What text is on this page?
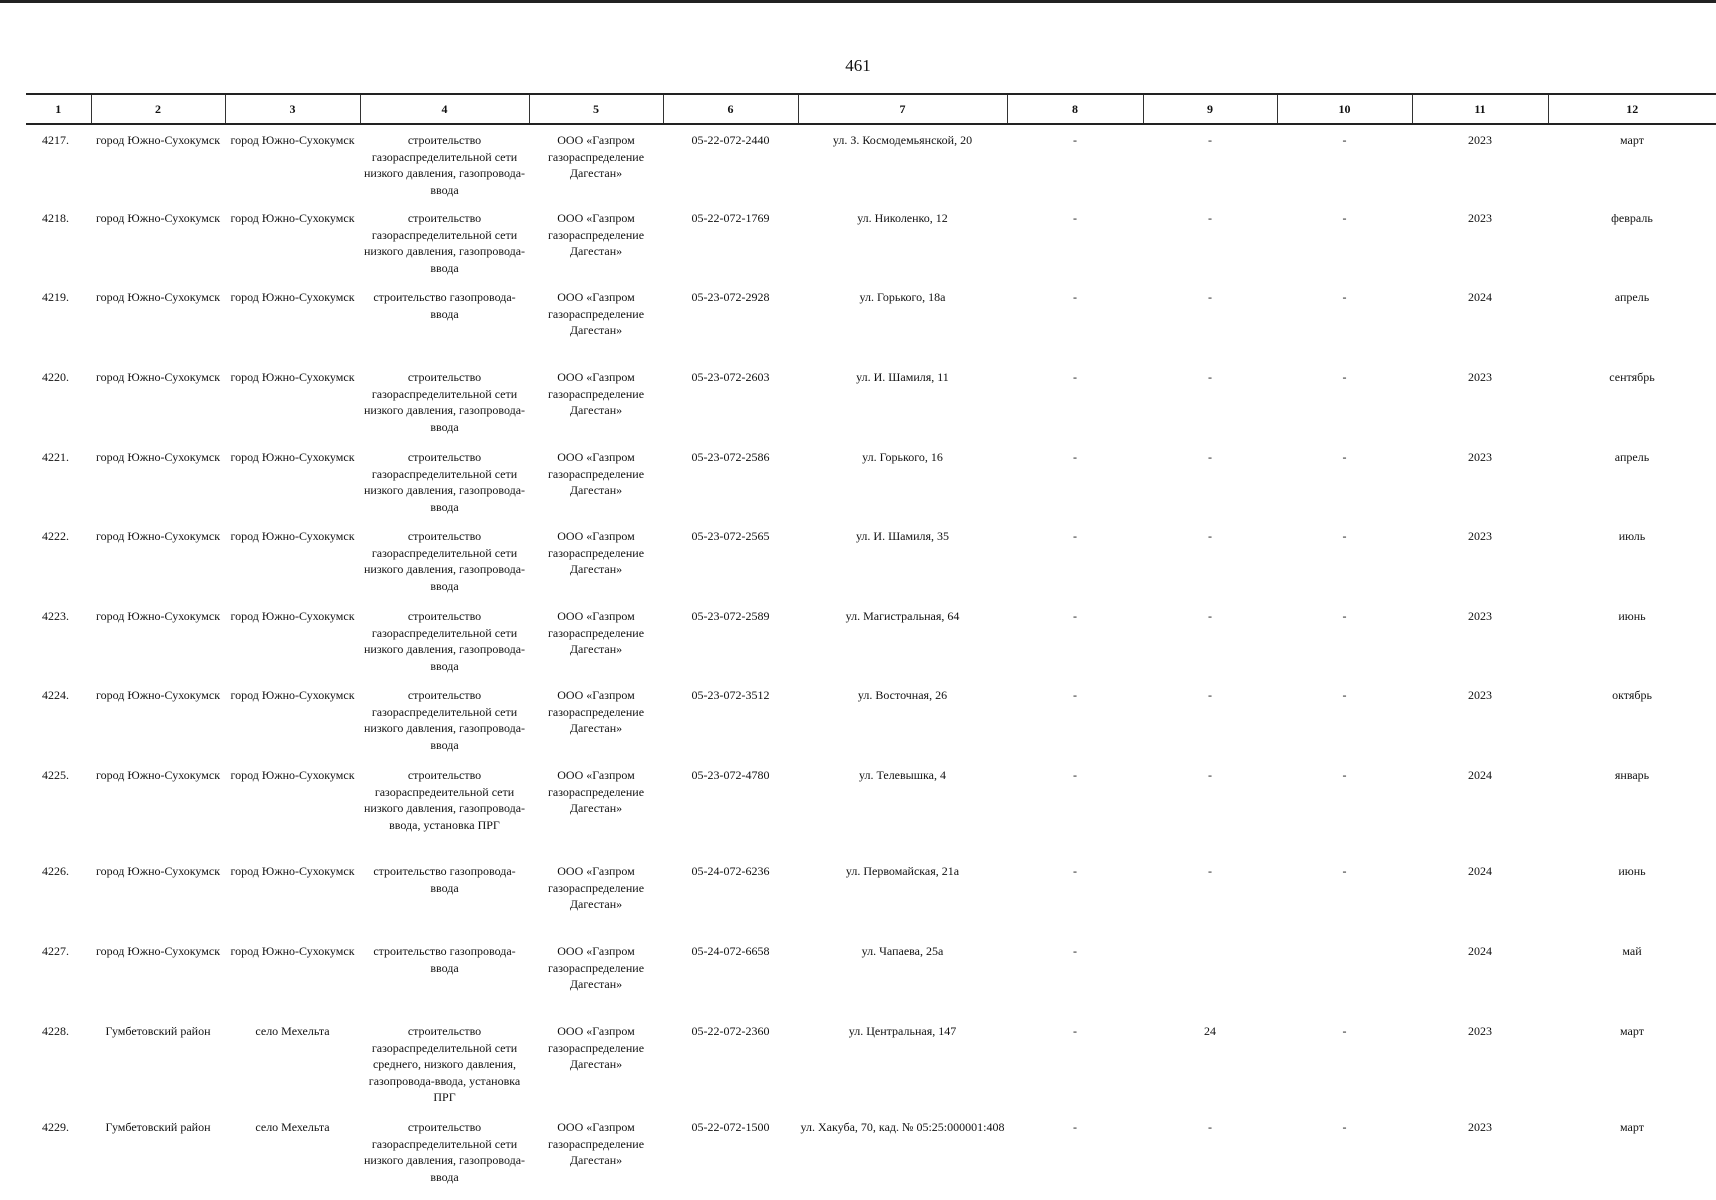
461
1	2	3	4	5	6	7	8	9	10	11	12
4217.	город Южно-Сухокумск	город Южно-Сухокумск	строительство газораспределительной сети низкого давления, газопровода-ввода	ООО «Газпром газораспределение Дагестан»	05-22-072-2440	ул. З. Космодемьянской, 20	-	-	-	2023	март
4218.	город Южно-Сухокумск	город Южно-Сухокумск	строительство газораспределительной сети низкого давления, газопровода-ввода	ООО «Газпром газораспределение Дагестан»	05-22-072-1769	ул. Николенко, 12	-	-	-	2023	февраль
4219.	город Южно-Сухокумск	город Южно-Сухокумск	строительство газопровода-ввода	ООО «Газпром газораспределение Дагестан»	05-23-072-2928	ул. Горького, 18а	-	-	-	2024	апрель
4220.	город Южно-Сухокумск	город Южно-Сухокумск	строительство газораспределительной сети низкого давления, газопровода-ввода	ООО «Газпром газораспределение Дагестан»	05-23-072-2603	ул. И. Шамиля, 11	-	-	-	2023	сентябрь
4221.	город Южно-Сухокумск	город Южно-Сухокумск	строительство газораспределительной сети низкого давления, газопровода-ввода	ООО «Газпром газораспределение Дагестан»	05-23-072-2586	ул. Горького, 16	-	-	-	2023	апрель
4222.	город Южно-Сухокумск	город Южно-Сухокумск	строительство газораспределительной сети низкого давления, газопровода-ввода	ООО «Газпром газораспределение Дагестан»	05-23-072-2565	ул. И. Шамиля, 35	-	-	-	2023	июль
4223.	город Южно-Сухокумск	город Южно-Сухокумск	строительство газораспределительной сети низкого давления, газопровода-ввода	ООО «Газпром газораспределение Дагестан»	05-23-072-2589	ул. Магистральная, 64	-	-	-	2023	июнь
4224.	город Южно-Сухокумск	город Южно-Сухокумск	строительство газораспределительной сети низкого давления, газопровода-ввода	ООО «Газпром газораспределение Дагестан»	05-23-072-3512	ул. Восточная, 26	-	-	-	2023	октябрь
4225.	город Южно-Сухокумск	город Южно-Сухокумск	строительство газораспредеительной сети низкого давления, газопровода-ввода, установка ПРГ	ООО «Газпром газораспределение Дагестан»	05-23-072-4780	ул. Телевышка, 4	-	-	-	2024	январь
4226.	город Южно-Сухокумск	город Южно-Сухокумск	строительство газопровода-ввода	ООО «Газпром газораспределение Дагестан»	05-24-072-6236	ул. Первомайская, 21а	-	-	-	2024	июнь
4227.	город Южно-Сухокумск	город Южно-Сухокумск	строительство газопровода-ввода	ООО «Газпром газораспределение Дагестан»	05-24-072-6658	ул. Чапаева, 25а	-			2024	май
4228.	Гумбетовский район	село Мехельта	строительство газораспределительной сети среднего, низкого давления, газопровода-ввода, установка ПРГ	ООО «Газпром газораспределение Дагестан»	05-22-072-2360	ул. Центральная, 147	-	24	-	2023	март
4229.	Гумбетовский район	село Мехельта	строительство газораспределительной сети низкого давления, газопровода-ввода	ООО «Газпром газораспределение Дагестан»	05-22-072-1500	ул. Хакуба, 70, кад. № 05:25:000001:408	-	-	-	2023	март
